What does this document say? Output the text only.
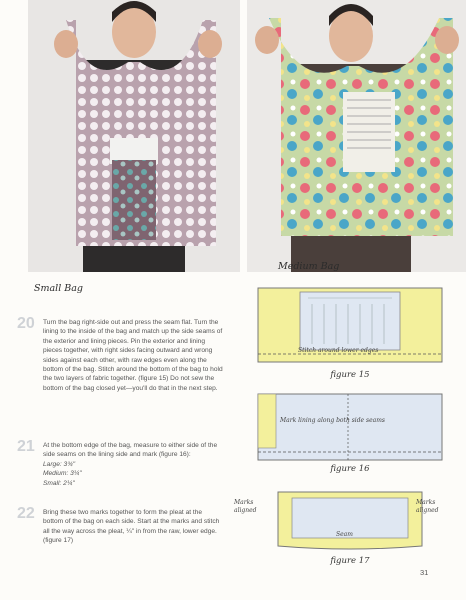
Small Bag
Medium Bag
20	Turn the bag right-side out and press the seam flat. Turn the lining to the inside of the bag and match up the side seams of the exterior and lining pieces. Pin the exterior and lining pieces together, with right sides facing outward and wrong sides against each other, with raw edges even along the bottom of the bag. Stitch around the bottom of the bag to hold the two layers of fabric together. (figure 15) Do not sew the bottom of the bag closed yet—you'll do that in the next step.
21	At the bottom edge of the bag, measure to either side of the side seams on the lining side and mark (figure 16):
Large: 3¾"
Medium: 3¼"
Small: 2¼"
22	Bring these two marks together to form the pleat at the bottom of the bag on each side. Start at the marks and stitch all the way across the pleat, ¼" in from the raw, lower edge. (figure 17)
Stitch around lower edges
figure 15
Mark lining along both side seams
figure 16
Seam
Marks
aligned
Marks
aligned
figure 17
31
